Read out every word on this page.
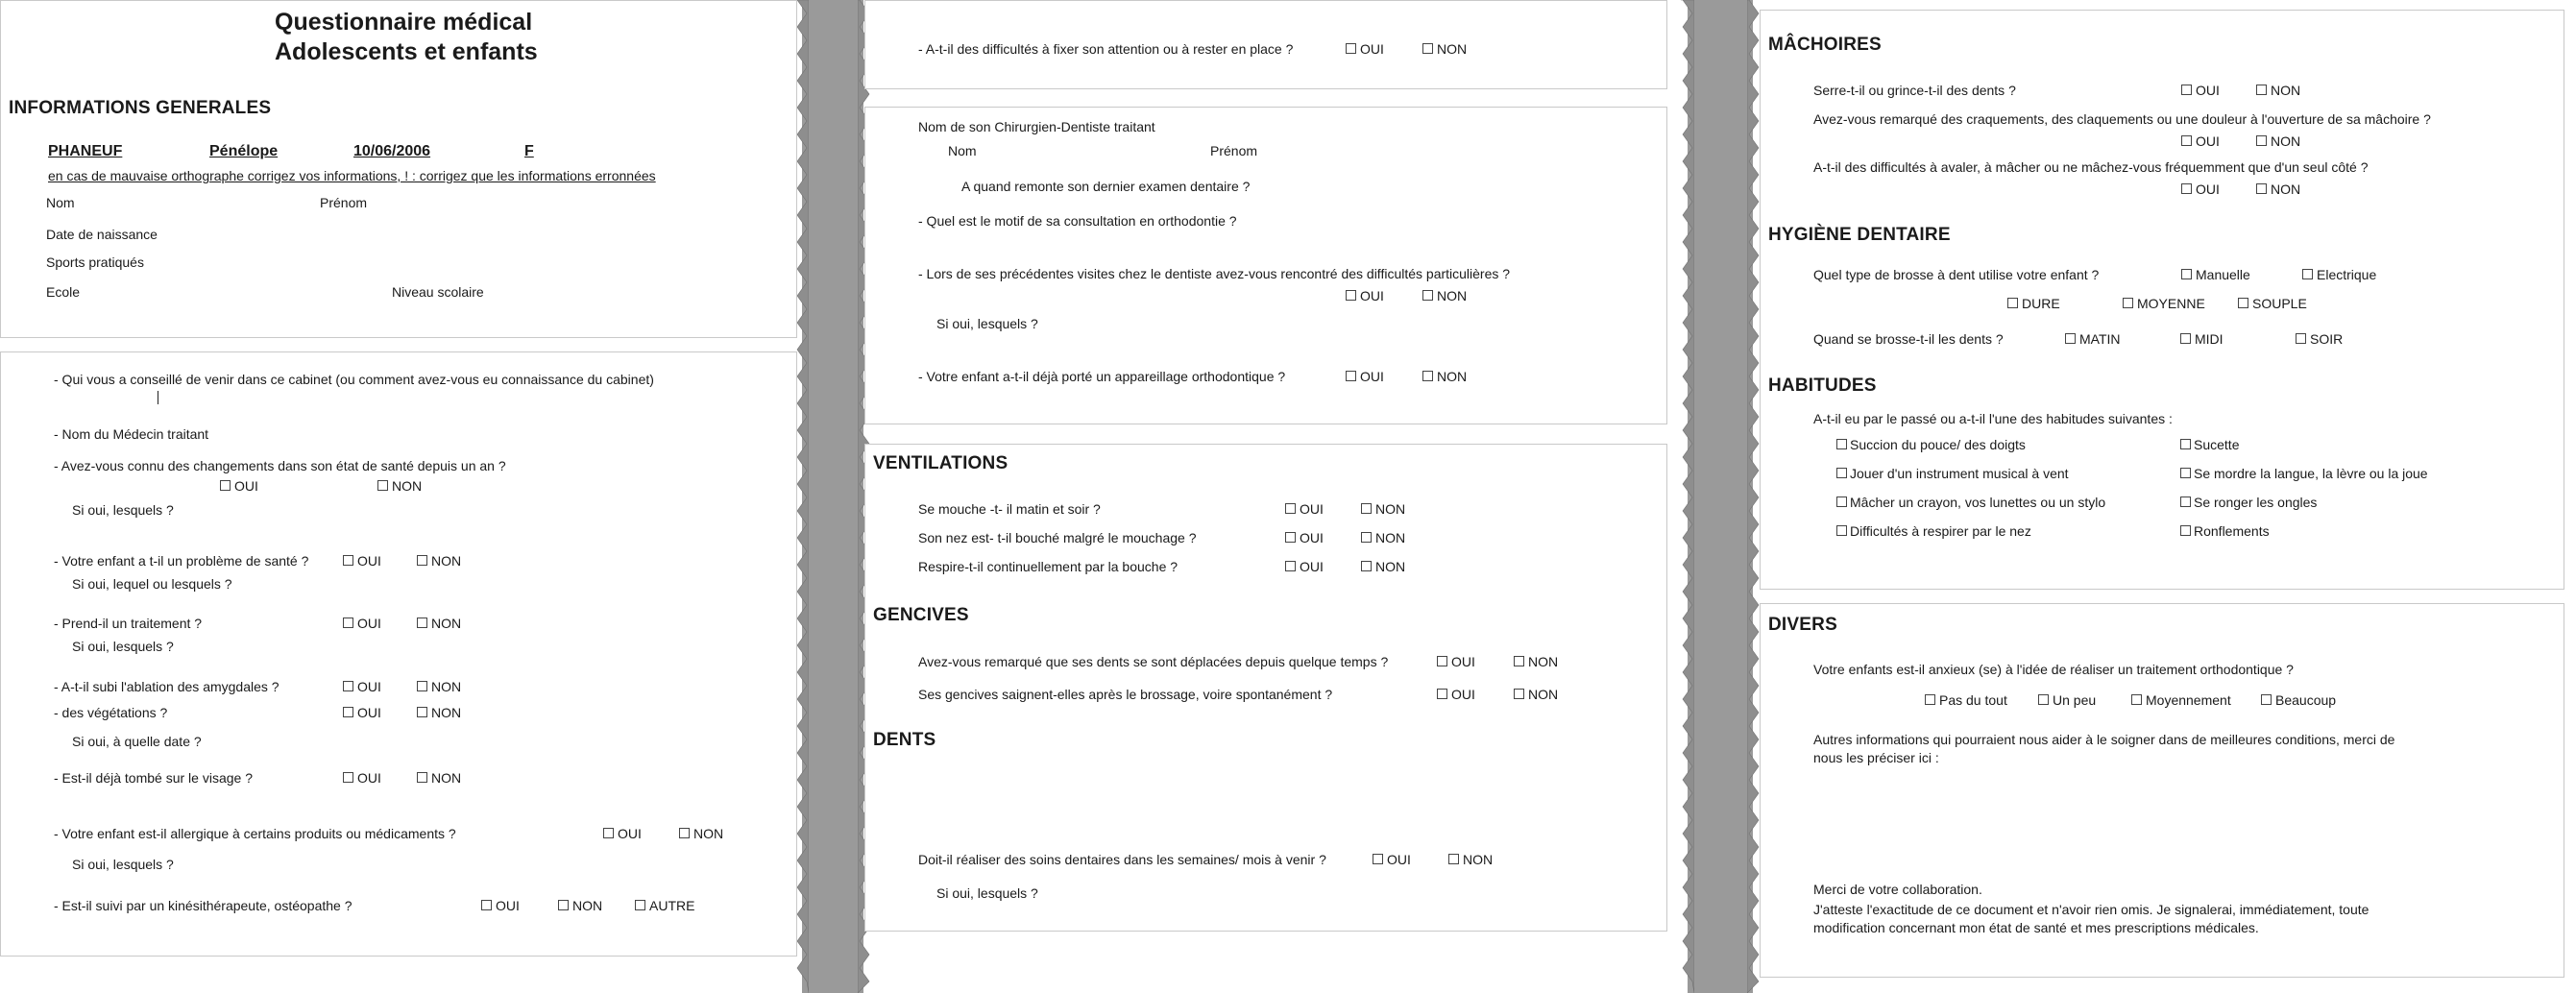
Questionnaire médical
Adolescents et enfants
INFORMATIONS GENERALES
PHANEUF	Pénélope	10/06/2006	F
en cas de mauvaise orthographe corrigez vos informations, ! : corrigez que les informations erronnées
Nom	Prénom
Date de naissance
Sports pratiqués
Ecole	Niveau scolaire
- Qui vous a conseillé de venir dans ce cabinet (ou comment avez-vous eu connaissance du cabinet)
- Nom du Médecin traitant
- Avez-vous connu des changements dans son état de santé depuis un an ?
OUI	NON
Si oui, lesquels ?
- Votre enfant a t-il un problème de santé ?	OUI	NON
Si oui, lequel ou lesquels ?
- Prend-il un traitement ?	OUI	NON
Si oui, lesquels ?
- A-t-il subi l'ablation des amygdales ?	OUI	NON
- des végétations ?	OUI	NON
Si oui, à quelle date ?
- Est-il déjà tombé sur le visage ?	OUI	NON
- Votre enfant est-il allergique à certains produits ou médicaments ?	OUI	NON
Si oui, lesquels ?
- Est-il suivi par un kinésithérapeute, ostéopathe ?	OUI	NON	AUTRE
- A-t-il des difficultés à fixer son attention ou à rester en place ?	OUI	NON
Nom de son Chirurgien-Dentiste traitant
Nom	Prénom
A quand remonte son dernier examen dentaire ?
- Quel est le motif de sa consultation en orthodontie ?
- Lors de ses précédentes visites chez le dentiste avez-vous rencontré des difficultés particulières ?
OUI	NON
Si oui, lesquels ?
- Votre enfant a-t-il déjà porté un appareillage orthodontique ?	OUI	NON
VENTILATIONS
Se mouche -t- il matin et soir ?	OUI	NON
Son nez est- t-il bouché malgré le mouchage ?	OUI	NON
Respire-t-il continuellement par la bouche ?	OUI	NON
GENCIVES
Avez-vous remarqué que ses dents se sont déplacées depuis quelque temps ?	OUI	NON
Ses gencives saignent-elles après le brossage, voire spontanément ?	OUI	NON
DENTS
Doit-il réaliser des soins dentaires dans les semaines/ mois à venir ?	OUI	NON
Si oui, lesquels ?
MÂCHOIRES
Serre-t-il ou grince-t-il des dents ?	OUI	NON
Avez-vous remarqué des craquements, des claquements ou une douleur à l'ouverture de sa mâchoire ?
OUI	NON
A-t-il des difficultés à avaler, à mâcher ou ne mâchez-vous fréquemment que d'un seul côté ?
OUI	NON
HYGIÈNE DENTAIRE
Quel type de brosse à dent utilise votre enfant ?	Manuelle	Electrique
DURE	MOYENNE	SOUPLE
Quand se brosse-t-il les dents ?	MATIN	MIDI	SOIR
HABITUDES
A-t-il eu par le passé ou a-t-il l'une des habitudes suivantes :
Succion du pouce/ des doigts	Sucette
Jouer d'un instrument musical à vent	Se mordre la langue, la lèvre ou la joue
Mâcher un crayon, vos lunettes ou un stylo	Se ronger les ongles
Difficultés à respirer par le nez	Ronflements
DIVERS
Votre enfants est-il anxieux (se) à l'idée de réaliser un traitement orthodontique ?
Pas du tout	Un peu	Moyennement	Beaucoup
Autres informations qui pourraient nous aider à le soigner dans de meilleures conditions, merci de
nous les préciser ici :
Merci de votre collaboration.
J'atteste l'exactitude de ce document et n'avoir rien omis. Je signalerai, immédiatement, toute
modification concernant mon état de santé et mes prescriptions médicales.
